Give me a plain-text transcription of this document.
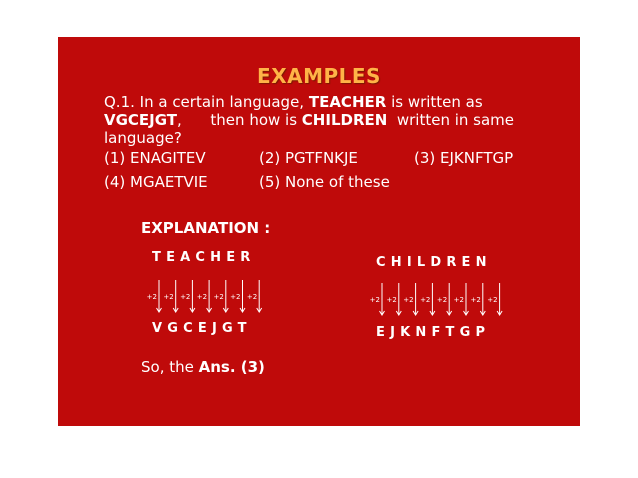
EXAMPLES
Q.1. In a certain language, TEACHER is written as VGCEJGT,      then how is CHILDREN  written in same language?
(1) ENAGITEV	(2) PGTFNKJE	(3) EJKNFTGP
(4) MGAETVIE	(5) None of these
EXPLANATION :
TEACHER	CHILDREN
VGCEJGT	EJKNFTGP
+2 +2 +2 +2 +2 +2 +2	+2 +2 +2 +2 +2 +2 +2 +2
So, the Ans. (3)
